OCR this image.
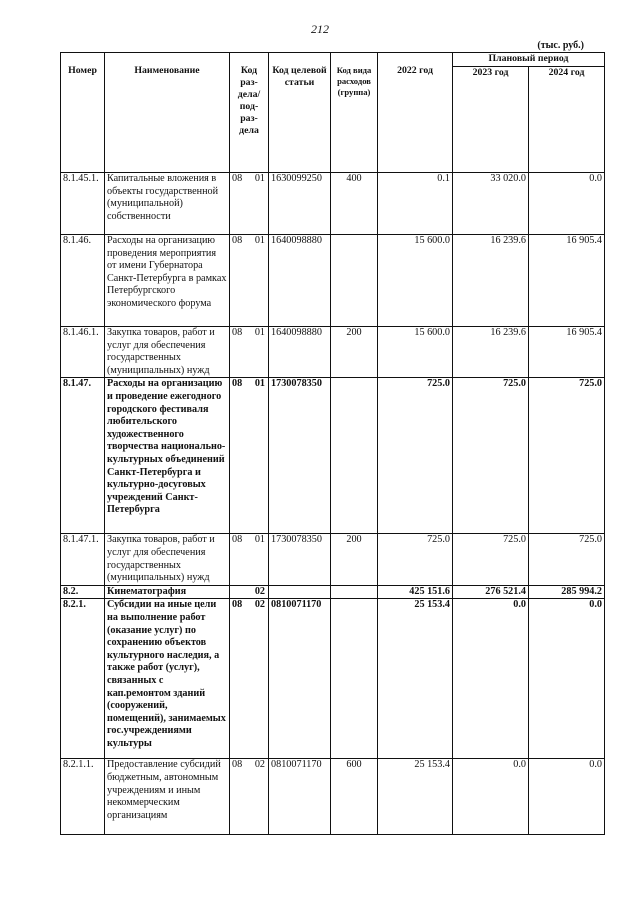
212
(тыс. руб.)
Номер	Наименование	Код раз-дела/ под-раз-дела	Код целевой статьи	Код вида расходов (группа)	2022 год	Плановый период	
						2023 год	2024 год
8.1.45.1.	Капитальные вложения в объекты государственной (муниципальной) собственности	08 01	1630099250	400	0.1	33 020.0	0.0
8.1.46.	Расходы на организацию проведения мероприятия от имени Губернатора Санкт-Петербурга в рамках Петербургского экономического форума	08 01	1640098880		15 600.0	16 239.6	16 905.4
8.1.46.1.	Закупка товаров, работ и услуг для обеспечения государственных (муниципальных) нужд	08 01	1640098880	200	15 600.0	16 239.6	16 905.4
8.1.47.	Расходы на организацию и проведение ежегодного городского фестиваля любительского художественного творчества национально-культурных объединений Санкт-Петербурга и культурно-досуговых учреждений Санкт-Петербурга	08 01	1730078350		725.0	725.0	725.0
8.1.47.1.	Закупка товаров, работ и услуг для обеспечения государственных (муниципальных) нужд	08 01	1730078350	200	725.0	725.0	725.0
8.2.	Кинематография	02			425 151.6	276 521.4	285 994.2
8.2.1.	Субсидии на иные цели на выполнение работ (оказание услуг) по сохранению объектов культурного наследия, а также работ (услуг), связанных с кап.ремонтом зданий (сооружений, помещений), занимаемых гос.учреждениями культуры	08 02	0810071170		25 153.4	0.0	0.0
8.2.1.1.	Предоставление субсидий бюджетным, автономным учреждениям и иным некоммерческим организациям	08 02	0810071170	600	25 153.4	0.0	0.0
